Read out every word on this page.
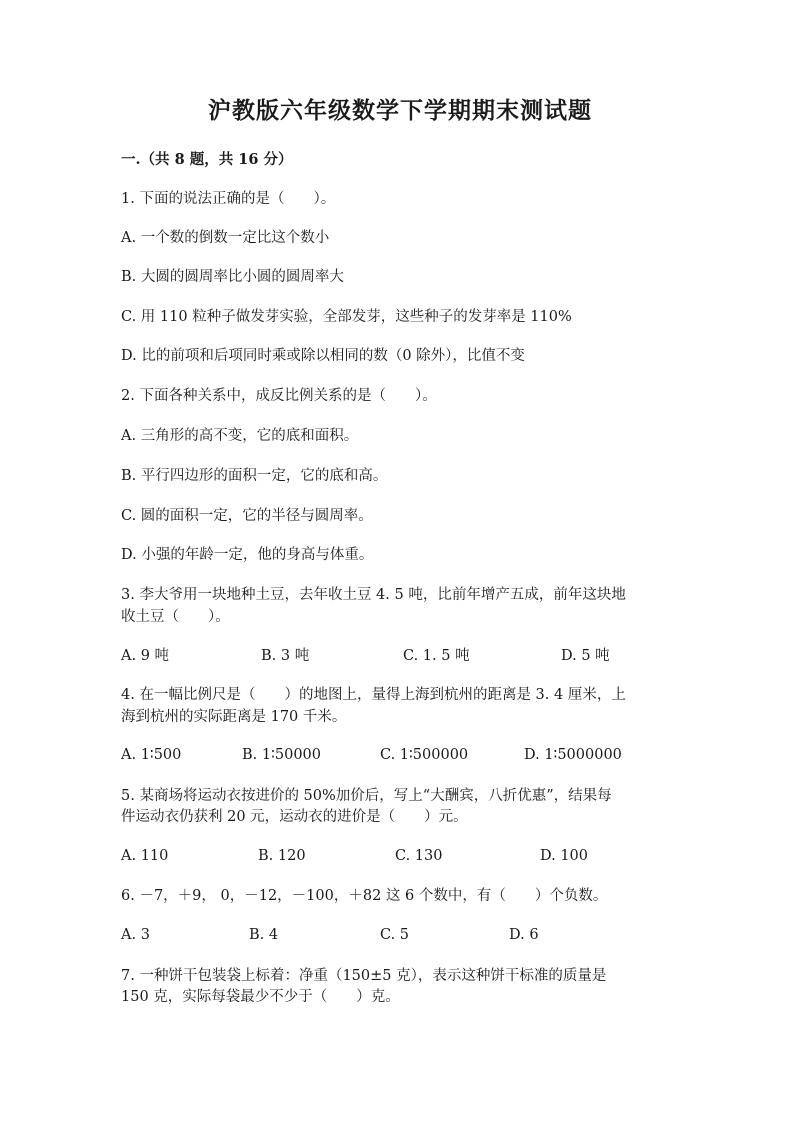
沪教版六年级数学下学期期末测试题
一.（共 8 题，共 16 分）
1. 下面的说法正确的是（　　）。
A. 一个数的倒数一定比这个数小
B. 大圆的圆周率比小圆的圆周率大
C. 用 110 粒种子做发芽实验，全部发芽，这些种子的发芽率是 110%
D. 比的前项和后项同时乘或除以相同的数（0 除外），比值不变
2. 下面各种关系中，成反比例关系的是（　　）。
A. 三角形的高不变，它的底和面积。
B. 平行四边形的面积一定，它的底和高。
C. 圆的面积一定，它的半径与圆周率。
D. 小强的年龄一定，他的身高与体重。
3. 李大爷用一块地种土豆，去年收土豆 4. 5 吨，比前年增产五成，前年这块地
收土豆（　　）。
A. 9 吨	B. 3 吨	C. 1. 5 吨	D. 5 吨
4. 在一幅比例尺是（　　）的地图上，量得上海到杭州的距离是 3. 4 厘米，上
海到杭州的实际距离是 170 千米。
A. 1∶500	B. 1∶50000	C. 1∶500000	D. 1∶5000000
5. 某商场将运动衣按进价的 50%加价后，写上“大酬宾，八折优惠”，结果每
件运动衣仍获利 20 元，运动衣的进价是（　　）元。
A. 110	B. 120	C. 130	D. 100
6. －7，＋9， 0，－12，－100，＋82 这 6 个数中，有（　　）个负数。
A. 3	B. 4	C. 5	D. 6
7. 一种饼干包装袋上标着：净重（150±5 克），表示这种饼干标准的质量是
150 克，实际每袋最少不少于（　　）克。
